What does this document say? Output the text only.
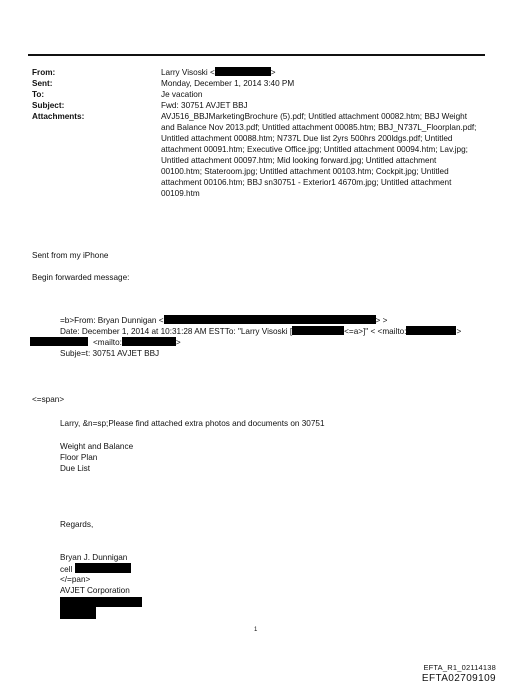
From:	Larry Visoski <	>
Sent:	Monday, December 1, 2014 3:40 PM
To:	Je vacation
Subject:	Fwd: 30751 AVJET BBJ
Attachments:	AVJ516_BBJMarketingBrochure (5).pdf; Untitled attachment 00082.htm; BBJ Weight
and Balance Nov 2013.pdf; Untitled attachment 00085.htm; BBJ_N737L_Floorplan.pdf;
Untitled attachment 00088.htm; N737L Due list 2yrs 500hrs 200ldgs.pdf; Untitled
attachment 00091.htm; Executive Office.jpg; Untitled attachment 00094.htm; Lav.jpg;
Untitled attachment 00097.htm; Mid looking forward.jpg; Untitled attachment
00100.htm; Stateroom.jpg; Untitled attachment 00103.htm; Cockpit.jpg; Untitled
attachment 00106.htm; BBJ sn30751 - Exterior1 4670m.jpg; Untitled attachment
00109.htm
Sent from my iPhone
Begin forwarded message:
=b>From: Bryan Dunnigan <	> >
Date: December 1, 2014 at 10:31:28 AM ESTTo: "Larry Visoski [	<=a>]" < <mailto:	>
<mailto:	>
Subje=t: 30751 AVJET BBJ
<=span>
Larry, &n=sp;Please find attached extra photos and documents on 30751
Weight and Balance
Floor Plan
Due List
Regards,
Bryan J. Dunnigan
cell
</=pan>
AVJET Corporation
1
EFTA_R1_02114138
EFTA02709109
